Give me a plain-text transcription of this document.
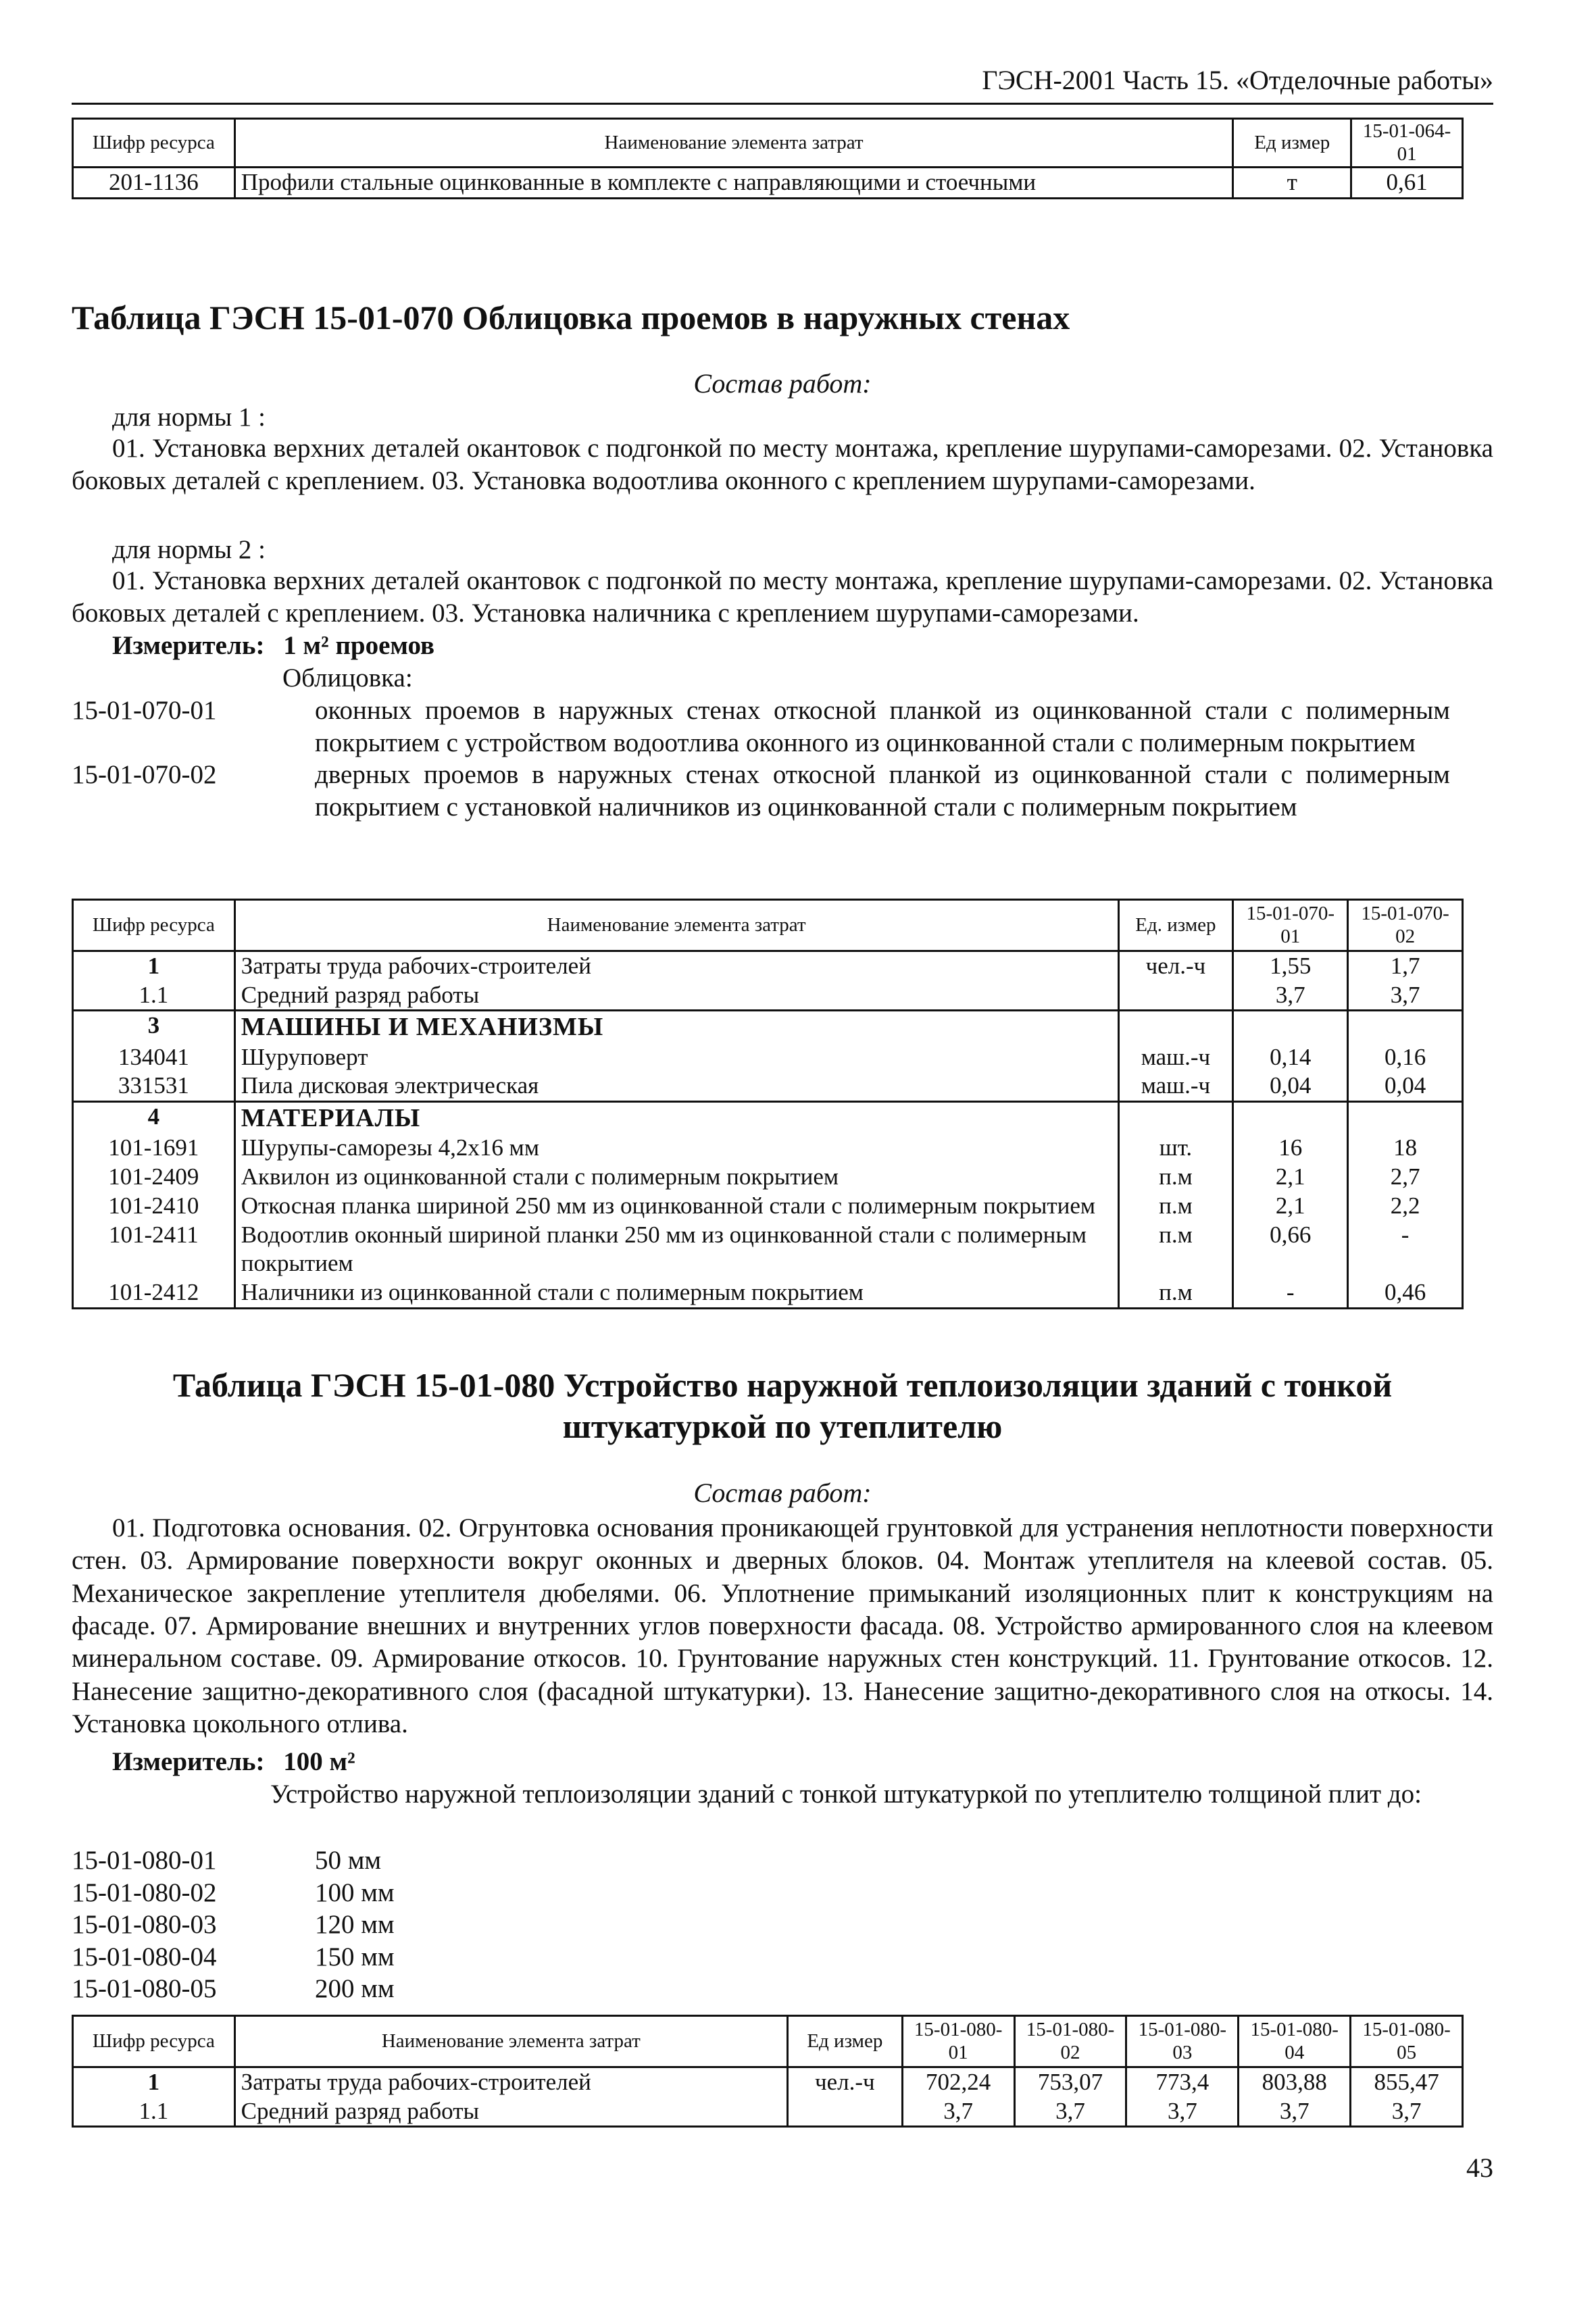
ГЭСН-2001 Часть 15. «Отделочные работы»
Шифр ресурса	Наименование элемента затрат	Ед измер	15-01-064-01
201-1136	Профили стальные оцинкованные в комплекте с направляющими и стоечными	т	0,61
Таблица ГЭСН 15-01-070 Облицовка проемов в наружных стенах
Состав работ:
для нормы 1 :
01. Установка верхних деталей окантовок с подгонкой по месту монтажа, крепление шурупами-саморезами. 02. Установка боковых деталей с креплением. 03. Установка водоотлива оконного с креплением шурупами-саморезами.
для нормы 2 :
01. Установка верхних деталей окантовок с подгонкой по месту монтажа, крепление шурупами-саморезами. 02. Установка боковых деталей с креплением. 03. Установка наличника с креплением шурупами-саморезами.
Измеритель: 1 м² проемов
Облицовка:
15-01-070-01	оконных проемов в наружных стенах откосной планкой из оцинкованной стали с полимерным покрытием с устройством водоотлива оконного из оцинкованной стали с полимерным покрытием
15-01-070-02	дверных проемов в наружных стенах откосной планкой из оцинкованной стали с полимерным покрытием с установкой наличников из оцинкованной стали с полимерным покрытием
Шифр ресурса	Наименование элемента затрат	Ед. измер	15-01-070-01	15-01-070-02
1	Затраты труда рабочих-строителей	чел.-ч	1,55	1,7
1.1	Средний разряд работы		3,7	3,7
3	МАШИНЫ И МЕХАНИЗМЫ			
134041	Шуруповерт	маш.-ч	0,14	0,16
331531	Пила дисковая электрическая	маш.-ч	0,04	0,04
4	МАТЕРИАЛЫ			
101-1691	Шурупы-саморезы 4,2х16 мм	шт.	16	18
101-2409	Аквилон из оцинкованной стали с полимерным покрытием	п.м	2,1	2,7
101-2410	Откосная планка шириной 250 мм из оцинкованной стали с полимерным покрытием	п.м	2,1	2,2
101-2411	Водоотлив оконный шириной планки 250 мм из оцинкованной стали с полимерным покрытием	п.м	0,66	-
101-2412	Наличники из оцинкованной стали с полимерным покрытием	п.м	-	0,46
Таблица ГЭСН 15-01-080 Устройство наружной теплоизоляции зданий с тонкой штукатуркой по утеплителю
Состав работ:
01. Подготовка основания. 02. Огрунтовка основания проникающей грунтовкой для устранения неплотности поверхности стен. 03. Армирование поверхности вокруг оконных и дверных блоков. 04. Монтаж утеплителя на клеевой состав. 05. Механическое закрепление утеплителя дюбелями. 06. Уплотнение примыканий изоляционных плит к конструкциям на фасаде. 07. Армирование внешних и внутренних углов поверхности фасада. 08. Устройство армированного слоя на клеевом минеральном составе. 09. Армирование откосов. 10. Грунтование наружных стен конструкций. 11. Грунтование откосов. 12. Нанесение защитно-декоративного слоя (фасадной штукатурки). 13. Нанесение защитно-декоративного слоя на откосы. 14. Установка цокольного отлива.
Измеритель: 100 м²
Устройство наружной теплоизоляции зданий с тонкой штукатуркой по утеплителю толщиной плит до:
15-01-080-01	50 мм
15-01-080-02	100 мм
15-01-080-03	120 мм
15-01-080-04	150 мм
15-01-080-05	200 мм
Шифр ресурса	Наименование элемента затрат	Ед измер	15-01-080-01	15-01-080-02	15-01-080-03	15-01-080-04	15-01-080-05
1	Затраты труда рабочих-строителей	чел.-ч	702,24	753,07	773,4	803,88	855,47
1.1	Средний разряд работы		3,7	3,7	3,7	3,7	3,7
43
